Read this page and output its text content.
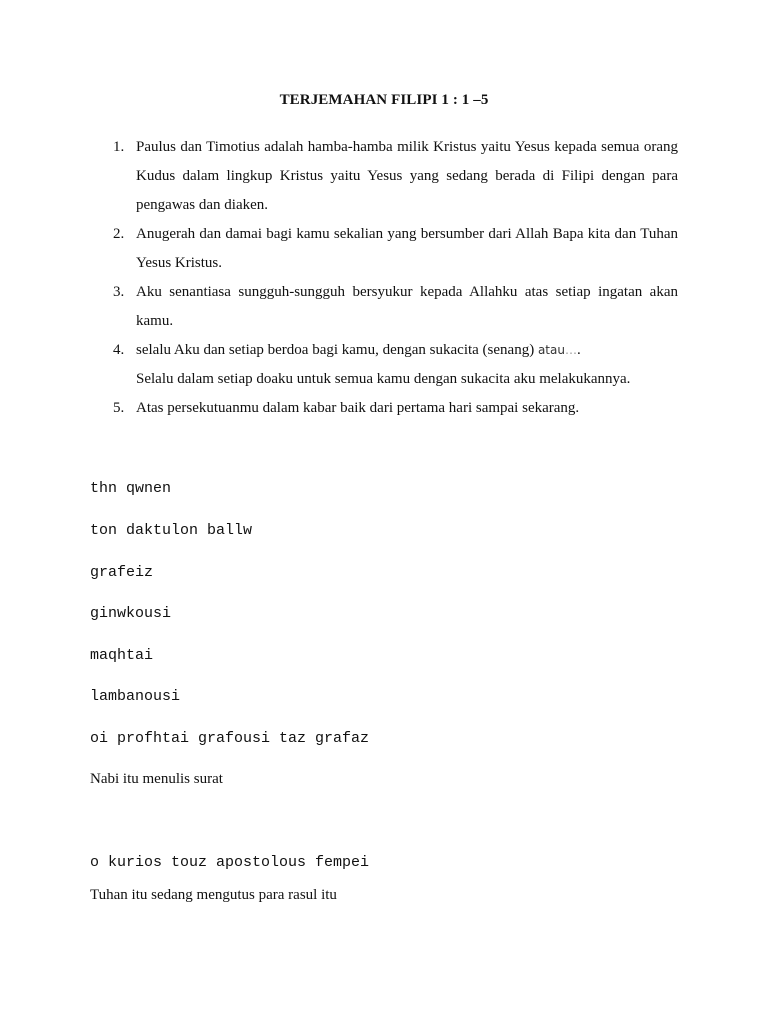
TERJEMAHAN FILIPI 1 : 1 –5
1. Paulus dan Timotius adalah hamba-hamba milik Kristus yaitu Yesus kepada semua orang Kudus dalam lingkup Kristus yaitu Yesus yang sedang berada di Filipi dengan para pengawas dan diaken.
2. Anugerah dan damai bagi kamu sekalian yang bersumber dari Allah Bapa kita dan Tuhan Yesus Kristus.
3. Aku senantiasa sungguh-sungguh bersyukur kepada Allahku atas setiap ingatan akan kamu.
4. selalu Aku dan setiap berdoa bagi kamu, dengan sukacita (senang) atau….
Selalu dalam setiap doaku untuk semua kamu dengan sukacita aku melakukannya.
5. Atas persekutuanmu dalam kabar baik dari pertama hari sampai sekarang.
thn qwnen
ton daktulon ballw
grafeiz
ginwkousi
maqhtai
lambanousi
oi profhtai grafousi taz grafaz
Nabi itu menulis surat
o kurios touz apostolous fempei
Tuhan itu sedang mengutus para rasul itu
